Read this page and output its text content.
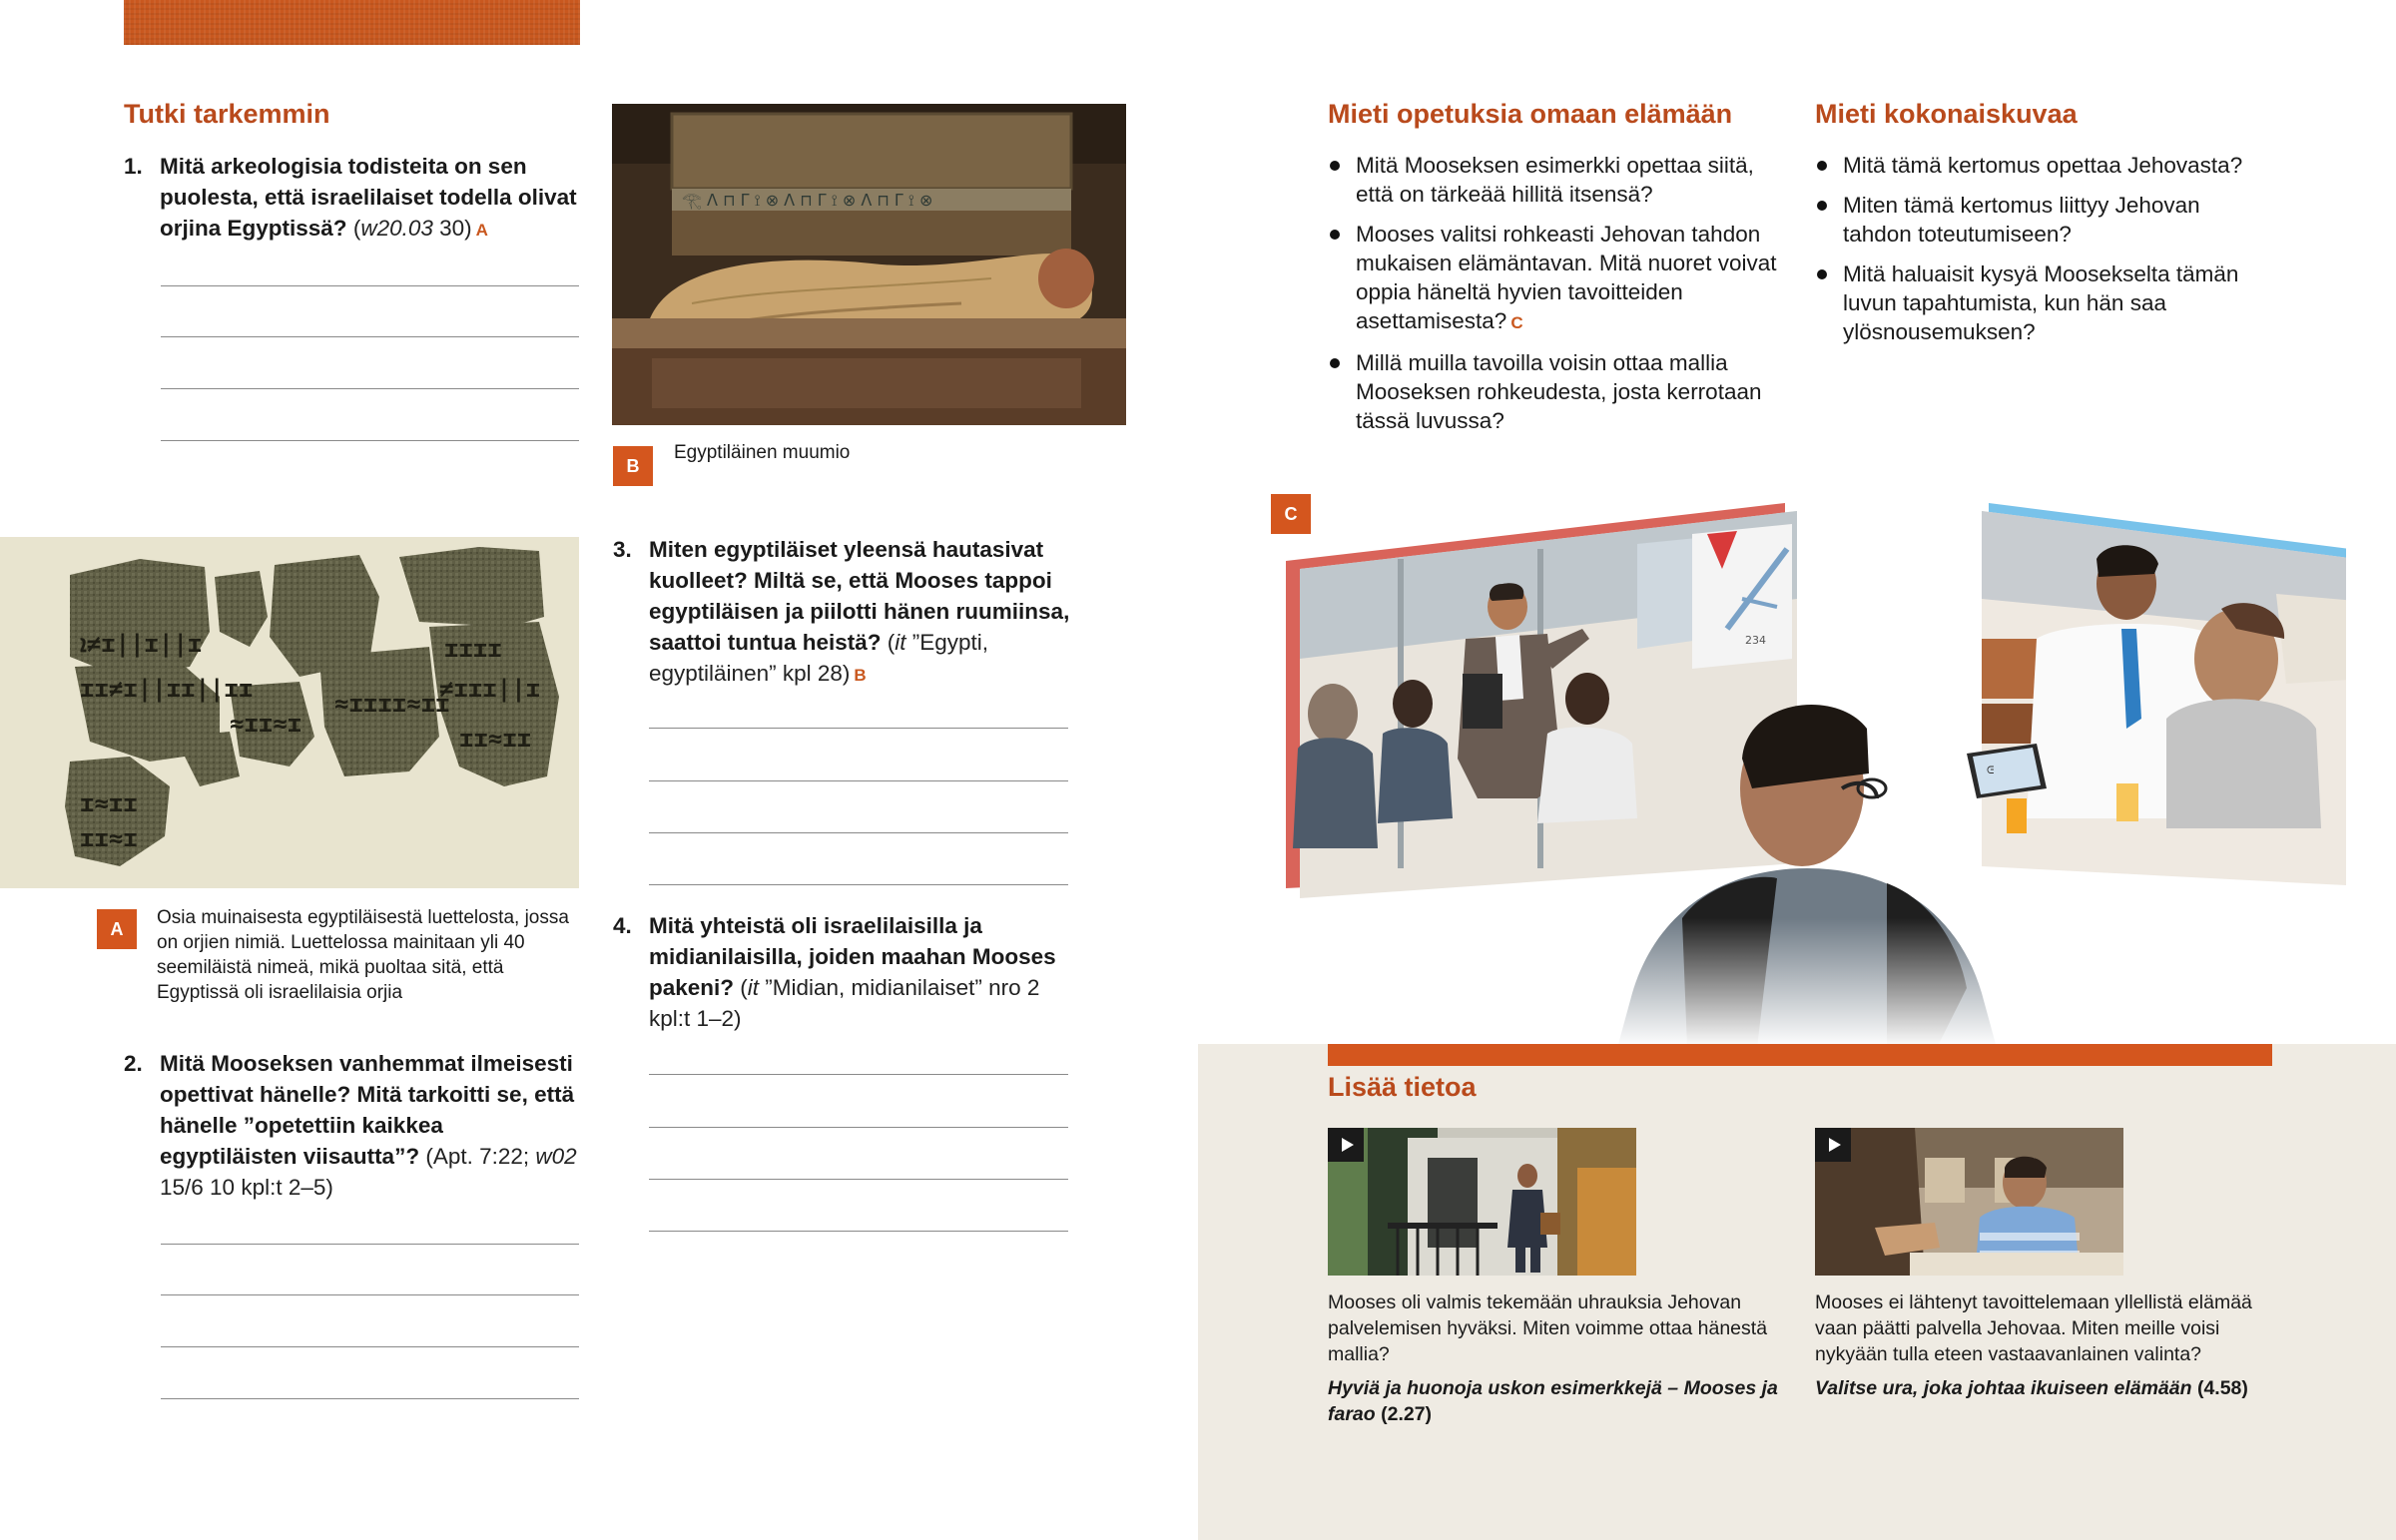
Tutki tarkemmin
1. Mitä arkeologisia todisteita on sen puolesta, että israelilaiset todella olivat orjina Egyptissä? (w20.03 30) A
ܐ≠ɪ||ɪ||ɪ
ɪɪ≠ɪ||ɪɪ||ɪɪ
≈ɪɪ≈ɪ
ɪɪɪɪ
≠ɪɪɪ||ɪ
≈ɪɪɪɪ≈ɪɪ
ɪ≈ɪɪ
ɪɪ≈ɪ
ɪɪ≈ɪɪ
A
Osia muinaisesta egyptiläisestä luettelosta, jossa on orjien nimiä. Luettelossa mainitaan yli 40 seemiläistä nimeä, mikä puoltaa sitä, että Egyptissä oli israelilaisia orjia
2. Mitä Mooseksen vanhemmat ilmeisesti opettivat hänelle? Mitä tarkoitti se, että hänelle ”opetettiin kaikkea egyptiläisten viisautta”? (Apt. 7:22; w02 15/6 10 kpl:t 2–5)
𓂀 ᐱ ⊓ ᒥ ⟟ ⊗ ᐱ ⊓ ᒥ ⟟ ⊗ ᐱ ⊓ ᒥ ⟟ ⊗
B
Egyptiläinen muumio
3. Miten egyptiläiset yleensä hautasivat kuolleet? Miltä se, että Mooses tappoi egyptiläisen ja piilotti hänen ruumiinsa, saattoi tuntua heistä? (it ”Egypti, egyptiläinen” kpl 28) B
4. Mitä yhteistä oli israelilaisilla ja midianilaisilla, joiden maahan Mooses pakeni? (it ”Midian, midianilaiset” nro 2 kpl:t 1–2)
Mieti opetuksia omaan elämään
Mitä Mooseksen esimerkki opettaa siitä, että on tärkeää hillitä itsensä?
Mooses valitsi rohkeasti Jehovan tahdon mukaisen elämäntavan. Mitä nuoret voivat oppia häneltä hyvien tavoitteiden asettamisesta? C
Millä muilla tavoilla voisin ottaa mallia Mooseksen rohkeudesta, josta kerrotaan tässä luvussa?
Mieti kokonaiskuvaa
Mitä tämä kertomus opettaa Jehovasta?
Miten tämä kertomus liittyy Jehovan tahdon toteutumiseen?
Mitä haluaisit kysyä Moosekselta tämän luvun tapahtumista, kun hän saa ylösnousemuksen?
C
234
ᕮ
Lisää tietoa
Mooses oli valmis tekemään uhrauksia Jehovan palvelemisen hyväksi. Miten voimme ottaa hänestä mallia?
Hyviä ja huonoja uskon esimerkkejä – Mooses ja farao (2.27)
Mooses ei lähtenyt tavoittelemaan yllellistä elämää vaan päätti palvella Jehovaa. Miten meille voisi nykyään tulla eteen vastaavanlainen valinta?
Valitse ura, joka johtaa ikuiseen elämään (4.58)
